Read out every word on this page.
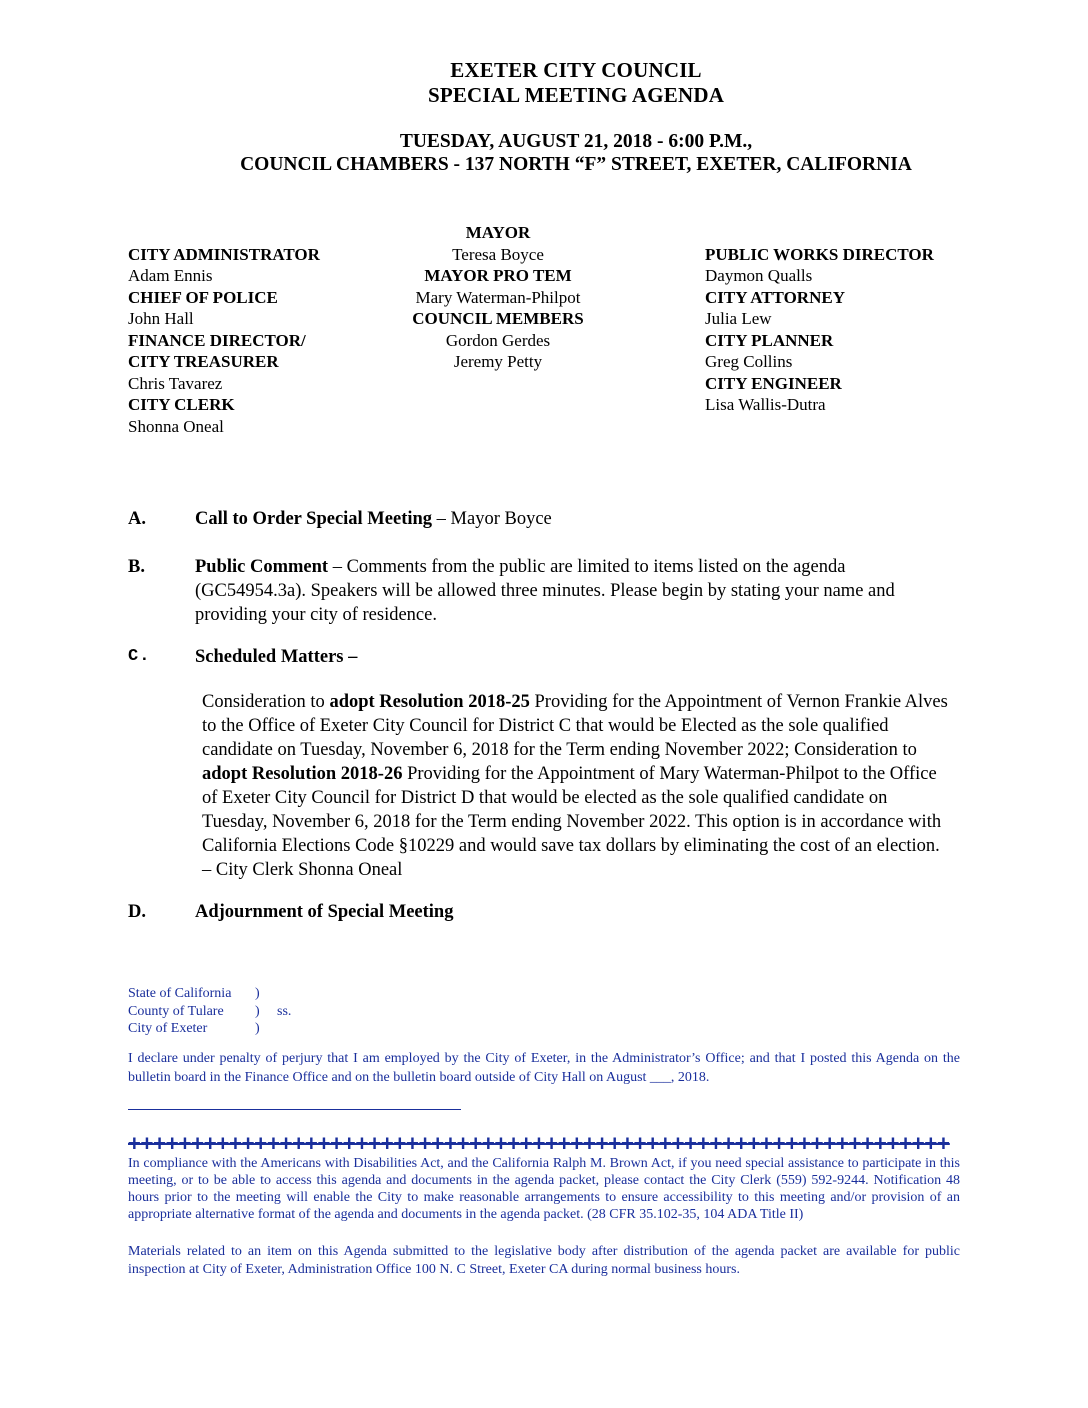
EXETER CITY COUNCIL
SPECIAL MEETING AGENDA
TUESDAY, AUGUST 21, 2018 - 6:00 P.M.,
COUNCIL CHAMBERS - 137 NORTH “F” STREET, EXETER, CALIFORNIA
CITY ADMINISTRATOR
Adam Ennis
CHIEF OF POLICE
John Hall
FINANCE DIRECTOR/
CITY TREASURER
Chris Tavarez
CITY CLERK
Shonna Oneal
MAYOR
Teresa Boyce
MAYOR PRO TEM
Mary Waterman-Philpot
COUNCIL MEMBERS
Gordon Gerdes
Jeremy Petty
PUBLIC WORKS DIRECTOR
Daymon Qualls
CITY ATTORNEY
Julia Lew
CITY PLANNER
Greg Collins
CITY ENGINEER
Lisa Wallis-Dutra
A.	Call to Order Special Meeting – Mayor Boyce
B.	Public Comment – Comments from the public are limited to items listed on the agenda (GC54954.3a). Speakers will be allowed three minutes. Please begin by stating your name and providing your city of residence.
C.	Scheduled Matters –

Consideration to adopt Resolution 2018-25 Providing for the Appointment of Vernon Frankie Alves to the Office of Exeter City Council for District C that would be Elected as the sole qualified candidate on Tuesday, November 6, 2018 for the Term ending November 2022; Consideration to adopt Resolution 2018-26 Providing for the Appointment of Mary Waterman-Philpot to the Office of Exeter City Council for District D that would be elected as the sole qualified candidate on Tuesday, November 6, 2018 for the Term ending November 2022. This option is in accordance with California Elections Code §10229 and would save tax dollars by eliminating the cost of an election. – City Clerk Shonna Oneal

D.	Adjournment of Special Meeting
State of California	)
County of Tulare	)	ss.
City of Exeter	)

I declare under penalty of perjury that I am employed by the City of Exeter, in the Administrator’s Office; and that I posted this Agenda on the bulletin board in the Finance Office and on the bulletin board outside of City Hall on August ___, 2018.

+++++++++++++++++++++++++++++++++++++++++++++++++++++++++++++++++

In compliance with the Americans with Disabilities Act, and the California Ralph M. Brown Act, if you need special assistance to participate in this meeting, or to be able to access this agenda and documents in the agenda packet, please contact the City Clerk (559) 592-9244. Notification 48 hours prior to the meeting will enable the City to make reasonable arrangements to ensure accessibility to this meeting and/or provision of an appropriate alternative format of the agenda and documents in the agenda packet. (28 CFR 35.102-35, 104 ADA Title II)

Materials related to an item on this Agenda submitted to the legislative body after distribution of the agenda packet are available for public inspection at City of Exeter, Administration Office 100 N. C Street, Exeter CA during normal business hours.
